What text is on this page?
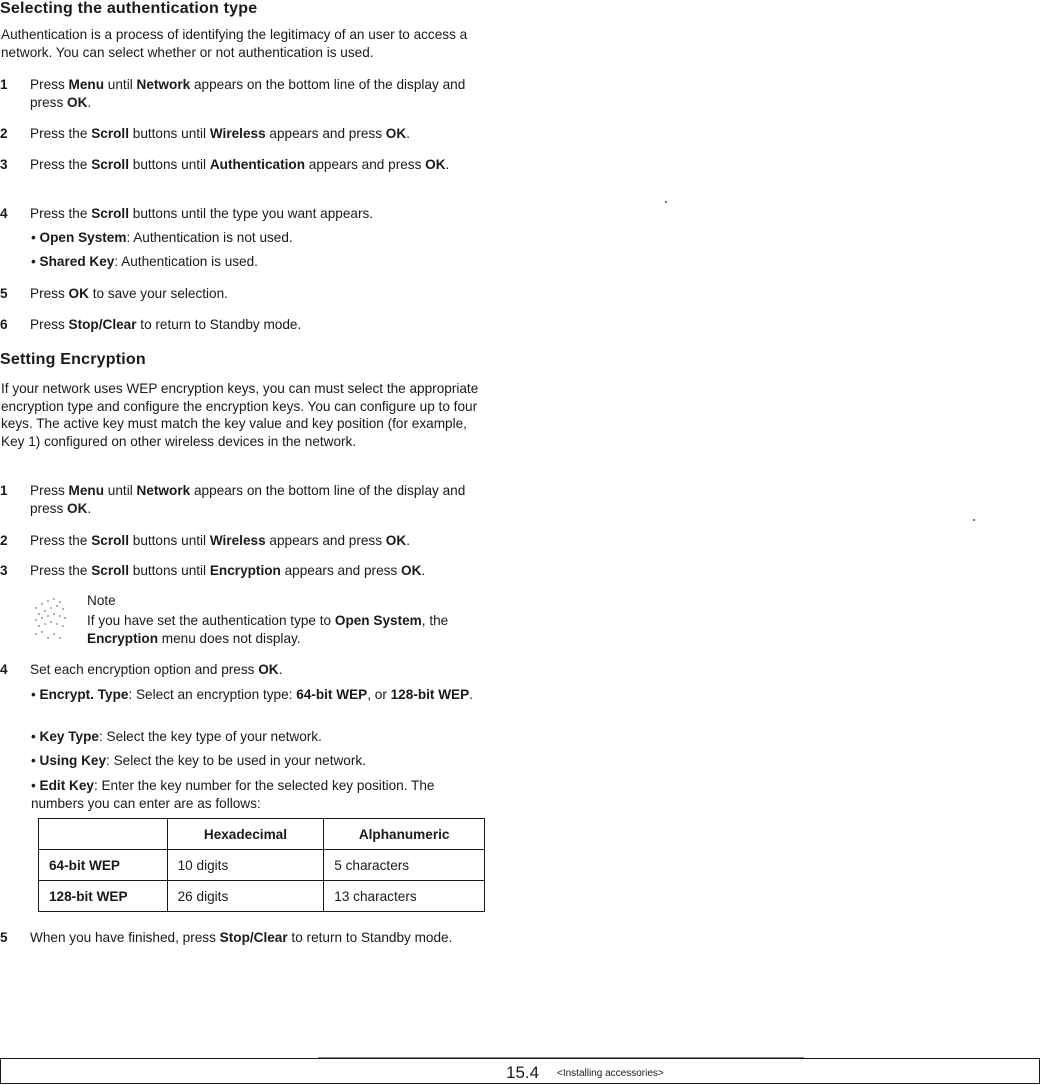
Selecting the authentication type

Authentication is a process of identifying the legitimacy of an user to access a network. You can select whether or not authentication is used.

1 Press Menu until Network appears on the bottom line of the display and press OK.
2 Press the Scroll buttons until Wireless appears and press OK.
3 Press the Scroll buttons until Authentication appears and press OK.
4 Press the Scroll buttons until the type you want appears.
• Open System: Authentication is not used.
• Shared Key: Authentication is used.
5 Press OK to save your selection.
6 Press Stop/Clear to return to Standby mode.
Setting Encryption

If your network uses WEP encryption keys, you can must select the appropriate encryption type and configure the encryption keys. You can configure up to four keys. The active key must match the key value and key position (for example, Key 1) configured on other wireless devices in the network.

1 Press Menu until Network appears on the bottom line of the display and press OK.
2 Press the Scroll buttons until Wireless appears and press OK.
3 Press the Scroll buttons until Encryption appears and press OK.
Note
If you have set the authentication type to Open System, the Encryption menu does not display.
4 Set each encryption option and press OK.
• Encrypt. Type: Select an encryption type: 64-bit WEP, or 128-bit WEP.
• Key Type: Select the key type of your network.
• Using Key: Select the key to be used in your network.
• Edit Key: Enter the key number for the selected key position. The numbers you can enter are as follows:
	Hexadecimal	Alphanumeric
64-bit WEP	10 digits	5 characters
128-bit WEP	26 digits	13 characters
5 When you have finished, press Stop/Clear to return to Standby mode.
15.4 <Installing accessories>
